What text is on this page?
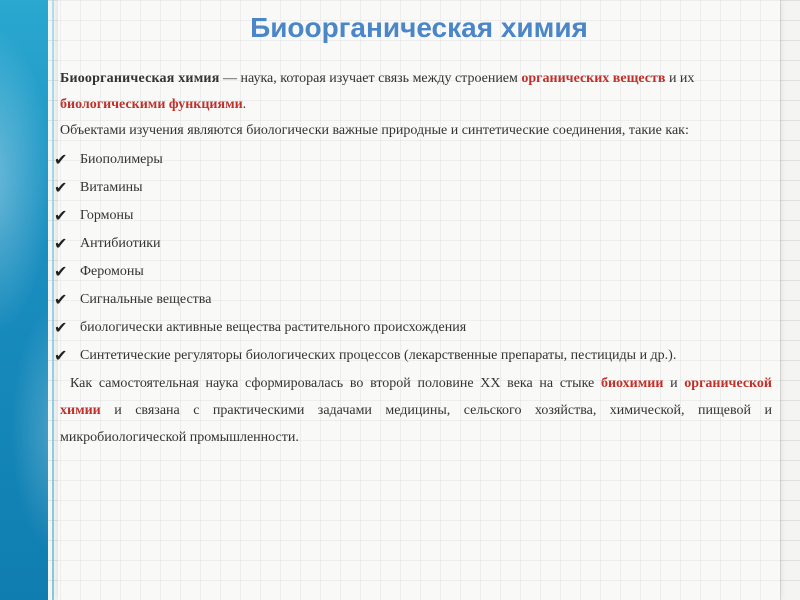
Биоорганическая химия

Биоорганическая химия — наука, которая изучает связь между строением органических веществ и их
биологическими функциями.

Объектами изучения являются биологически важные природные и синтетические соединения, такие как:

✔ Биополимеры
✔ Витамины
✔ Гормоны
✔ Антибиотики
✔ Феромоны
✔ Сигнальные вещества
✔ биологически активные вещества растительного происхождения
✔ Синтетические регуляторы биологических процессов (лекарственные препараты, пестициды и др.).

Как самостоятельная наука сформировалась во второй половине XX века на стыке биохимии и органической химии и связана с практическими задачами медицины, сельского хозяйства, химической, пищевой и микробиологической промышленности.
